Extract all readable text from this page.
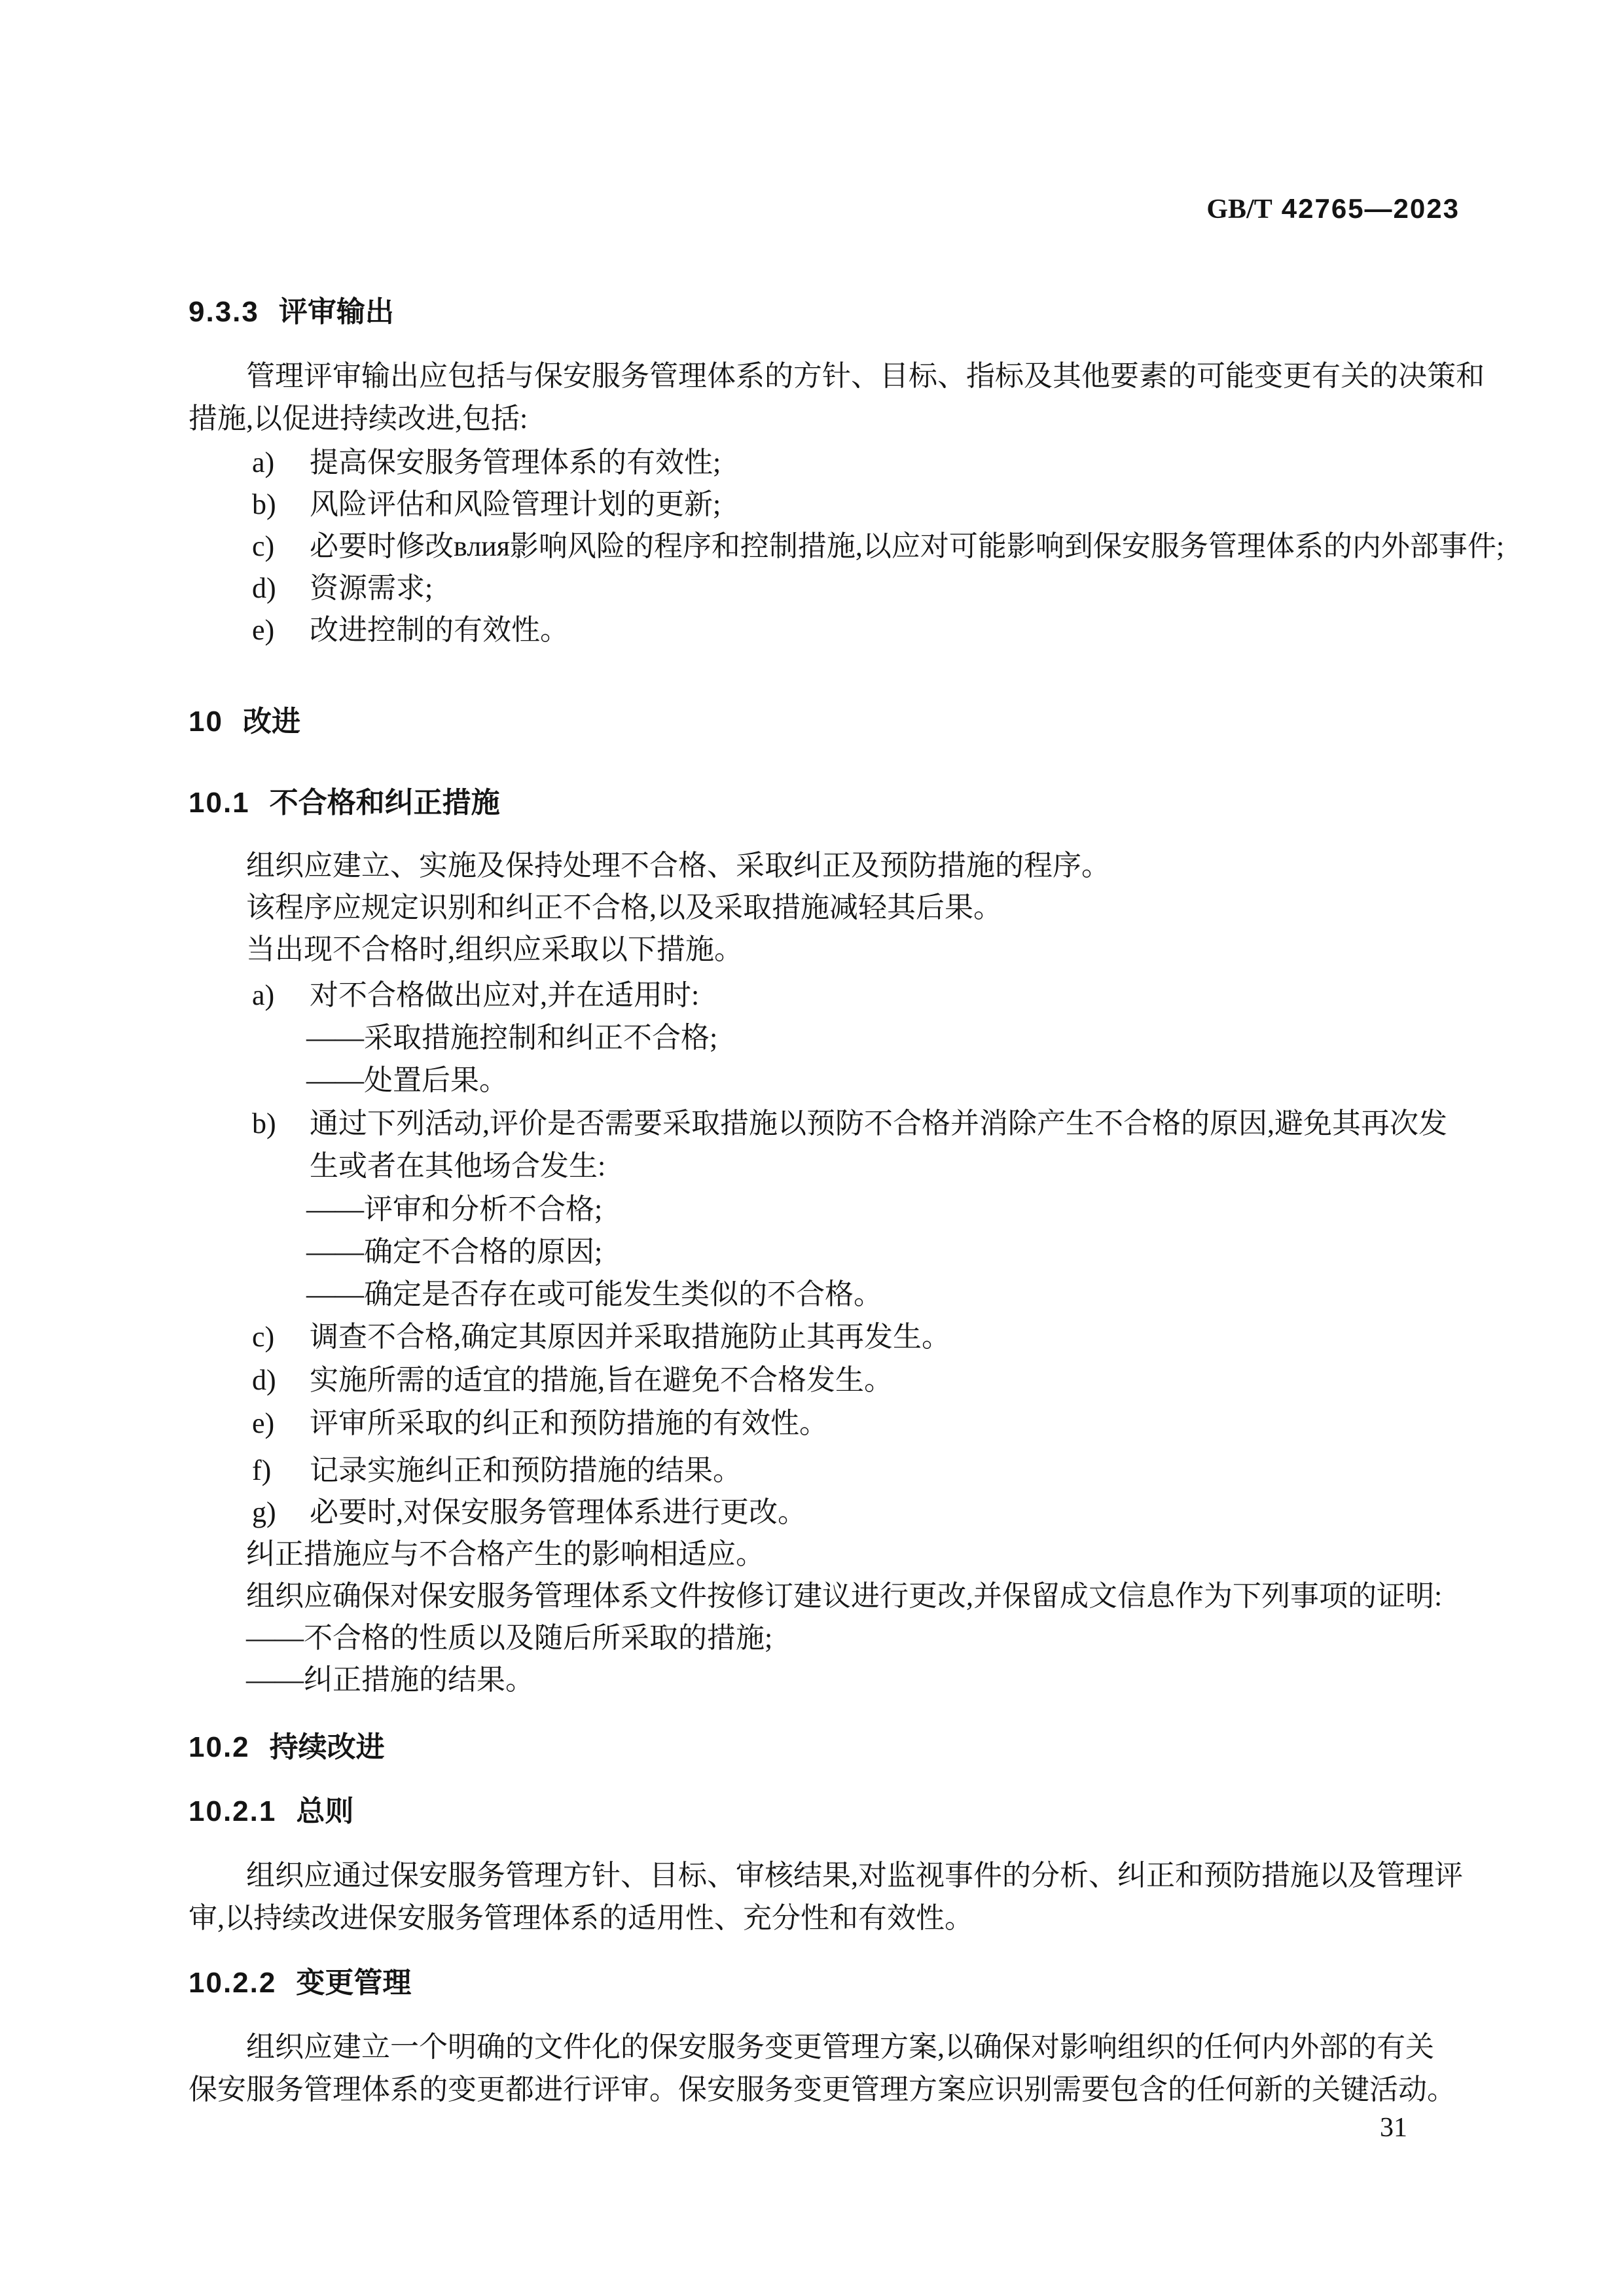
GB/T 42765—2023
9.3.3 评审输出
管理评审输出应包括与保安服务管理体系的方针、目标、指标及其他要素的可能变更有关的决策和
措施,以促进持续改进,包括:
a) 提高保安服务管理体系的有效性;
b) 风险评估和风险管理计划的更新;
c) 必要时修改влия影响风险的程序和控制措施,以应对可能影响到保安服务管理体系的内外部事件;
d) 资源需求;
e) 改进控制的有效性。
10 改进
10.1 不合格和纠正措施
组织应建立、实施及保持处理不合格、采取纠正及预防措施的程序。
该程序应规定识别和纠正不合格,以及采取措施减轻其后果。
当出现不合格时,组织应采取以下措施。
a) 对不合格做出应对,并在适用时:
——采取措施控制和纠正不合格;
——处置后果。
b) 通过下列活动,评价是否需要采取措施以预防不合格并消除产生不合格的原因,避免其再次发
生或者在其他场合发生:
——评审和分析不合格;
——确定不合格的原因;
——确定是否存在或可能发生类似的不合格。
c) 调查不合格,确定其原因并采取措施防止其再发生。
d) 实施所需的适宜的措施,旨在避免不合格发生。
e) 评审所采取的纠正和预防措施的有效性。
f) 记录实施纠正和预防措施的结果。
g) 必要时,对保安服务管理体系进行更改。
纠正措施应与不合格产生的影响相适应。
组织应确保对保安服务管理体系文件按修订建议进行更改,并保留成文信息作为下列事项的证明:
——不合格的性质以及随后所采取的措施;
——纠正措施的结果。
10.2 持续改进
10.2.1 总则
组织应通过保安服务管理方针、目标、审核结果,对监视事件的分析、纠正和预防措施以及管理评
审,以持续改进保安服务管理体系的适用性、充分性和有效性。
10.2.2 变更管理
组织应建立一个明确的文件化的保安服务变更管理方案,以确保对影响组织的任何内外部的有关
保安服务管理体系的变更都进行评审。保安服务变更管理方案应识别需要包含的任何新的关键活动。
31
